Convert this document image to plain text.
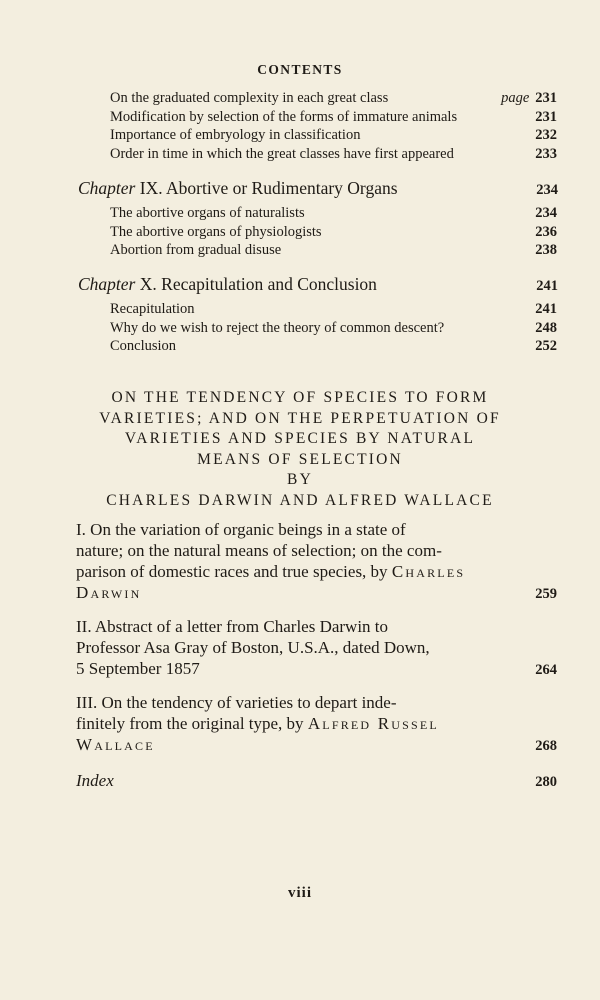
CONTENTS
On the graduated complexity in each great class	page 231
Modification by selection of the forms of immature animals	231
Importance of embryology in classification	232
Order in time in which the great classes have first appeared	233
Chapter IX. Abortive or Rudimentary Organs	234
The abortive organs of naturalists	234
The abortive organs of physiologists	236
Abortion from gradual disuse	238
Chapter X. Recapitulation and Conclusion	241
Recapitulation	241
Why do we wish to reject the theory of common descent?	248
Conclusion	252
ON THE TENDENCY OF SPECIES TO FORM
VARIETIES; AND ON THE PERPETUATION OF
VARIETIES AND SPECIES BY NATURAL
MEANS OF SELECTION
BY
CHARLES DARWIN AND ALFRED WALLACE
I. On the variation of organic beings in a state of
nature; on the natural means of selection; on the com-
parison of domestic races and true species, by Charles
Darwin	259
II. Abstract of a letter from Charles Darwin to
Professor Asa Gray of Boston, U.S.A., dated Down,
5 September 1857	264
III. On the tendency of varieties to depart inde-
finitely from the original type, by Alfred Russel
Wallace	268
Index	280
viii
